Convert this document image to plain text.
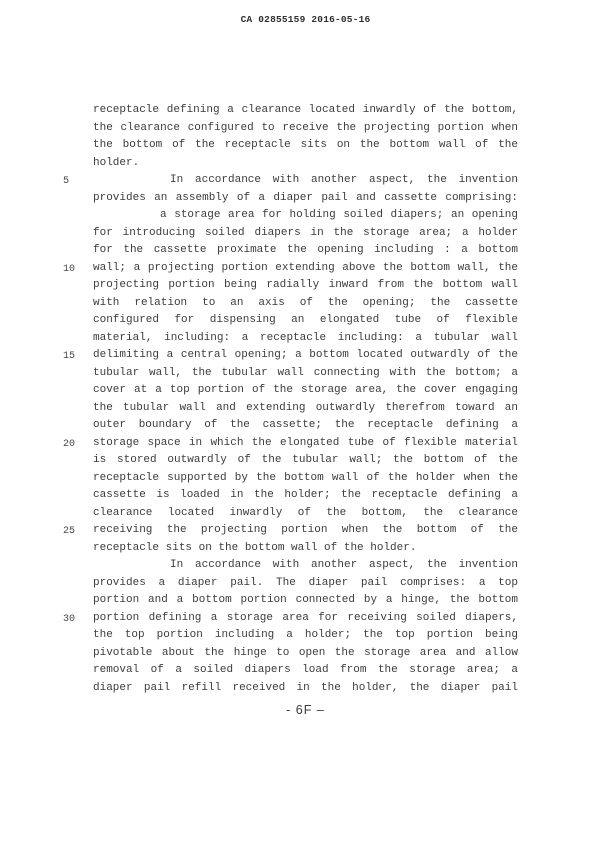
CA 02855159 2016-05-16
receptacle defining a clearance located inwardly of the bottom,
the clearance configured to receive the projecting portion when
the bottom of the receptacle sits on the bottom wall of the
holder.
5	In accordance with another aspect, the invention
provides an assembly of a diaper pail and cassette comprising:
a storage area for holding soiled diapers; an opening
for introducing soiled diapers in the storage area; a holder
for the cassette proximate the opening including : a bottom
10	wall; a projecting portion extending above the bottom wall, the
projecting portion being radially inward from the bottom wall
with relation to an axis of the opening; the cassette
configured for dispensing an elongated tube of flexible
material, including: a receptacle including: a tubular wall
15	delimiting a central opening; a bottom located outwardly of the
tubular wall, the tubular wall connecting with the bottom; a
cover at a top portion of the storage area, the cover engaging
the tubular wall and extending outwardly therefrom toward an
outer boundary of the cassette; the receptacle defining a
20	storage space in which the elongated tube of flexible material
is stored outwardly of the tubular wall; the bottom of the
receptacle supported by the bottom wall of the holder when the
cassette is loaded in the holder; the receptacle defining a
clearance located inwardly of the bottom, the clearance
25	receiving the projecting portion when the bottom of the
receptacle sits on the bottom wall of the holder.
In accordance with another aspect, the invention
provides a diaper pail. The diaper pail comprises: a top
portion and a bottom portion connected by a hinge, the bottom
30	portion defining a storage area for receiving soiled diapers,
the top portion including a holder; the top portion being
pivotable about the hinge to open the storage area and allow
removal of a soiled diapers load from the storage area; a
diaper pail refill received in the holder, the diaper pail
- 6F –
